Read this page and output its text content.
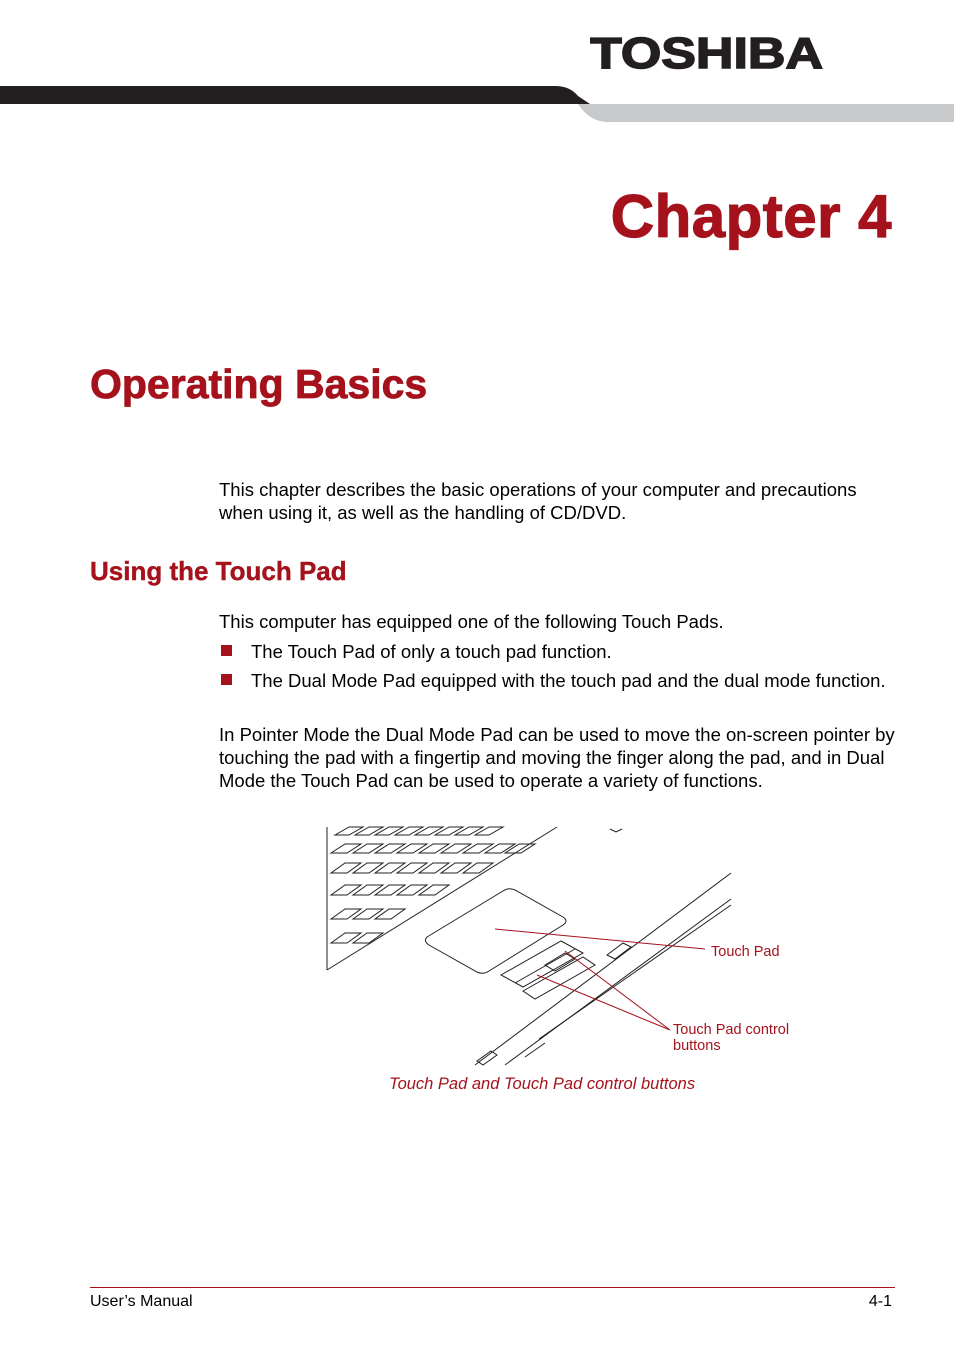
TOSHIBA
Chapter 4
Operating Basics

This chapter describes the basic operations of your computer and precautions when using it, as well as the handling of CD/DVD.

Using the Touch Pad

This computer has equipped one of the following Touch Pads.

The Touch Pad of only a touch pad function.
The Dual Mode Pad equipped with the touch pad and the dual mode function.

In Pointer Mode the Dual Mode Pad can be used to move the on-screen pointer by touching the pad with a fingertip and moving the finger along the pad, and in Dual Mode the Touch Pad can be used to operate a variety of functions.

Touch Pad
Touch Pad control buttons

Touch Pad and Touch Pad control buttons

User’s Manual	4-1
